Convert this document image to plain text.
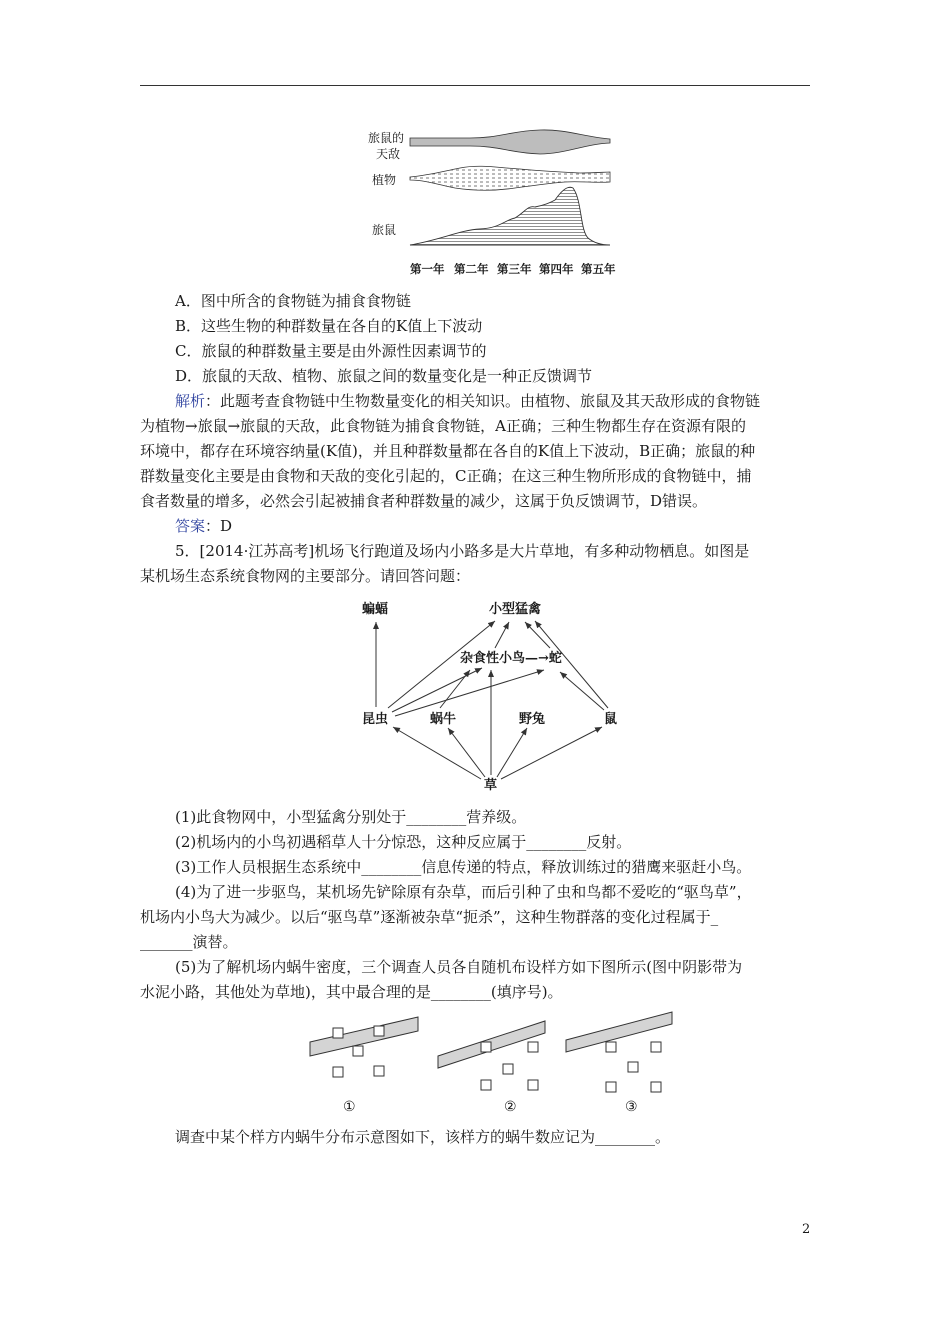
旅鼠的
天敌
植物
旅鼠
第一年 第二年 第三年 第四年 第五年
A．图中所含的食物链为捕食食物链
B．这些生物的种群数量在各自的K值上下波动
C．旅鼠的种群数量主要是由外源性因素调节的
D．旅鼠的天敌、植物、旅鼠之间的数量变化是一种正反馈调节
解析：此题考查食物链中生物数量变化的相关知识。由植物、旅鼠及其天敌形成的食物链
为植物→旅鼠→旅鼠的天敌，此食物链为捕食食物链，A正确；三种生物都生存在资源有限的
环境中，都存在环境容纳量(K值)，并且种群数量都在各自的K值上下波动，B正确；旅鼠的种
群数量变化主要是由食物和天敌的变化引起的，C正确；在这三种生物所形成的食物链中，捕
食者数量的增多，必然会引起被捕食者种群数量的减少，这属于负反馈调节，D错误。
答案：D
5．[2014·江苏高考]机场飞行跑道及场内小路多是大片草地，有多种动物栖息。如图是
某机场生态系统食物网的主要部分。请回答问题：
蝙蝠	小型猛禽
杂食性小鸟—→蛇
昆虫	蜗牛	野兔	鼠
草
(1)此食物网中，小型猛禽分别处于________营养级。
(2)机场内的小鸟初遇稻草人十分惊恐，这种反应属于________反射。
(3)工作人员根据生态系统中________信息传递的特点，释放训练过的猎鹰来驱赶小鸟。
(4)为了进一步驱鸟，某机场先铲除原有杂草，而后引种了虫和鸟都不爱吃的“驱鸟草”，
机场内小鸟大为减少。以后“驱鸟草”逐渐被杂草“扼杀”，这种生物群落的变化过程属于_
_______演替。
(5)为了解机场内蜗牛密度，三个调查人员各自随机布设样方如下图所示(图中阴影带为
水泥小路，其他处为草地)，其中最合理的是________(填序号)。
①	②	③
调查中某个样方内蜗牛分布示意图如下，该样方的蜗牛数应记为________。
2
